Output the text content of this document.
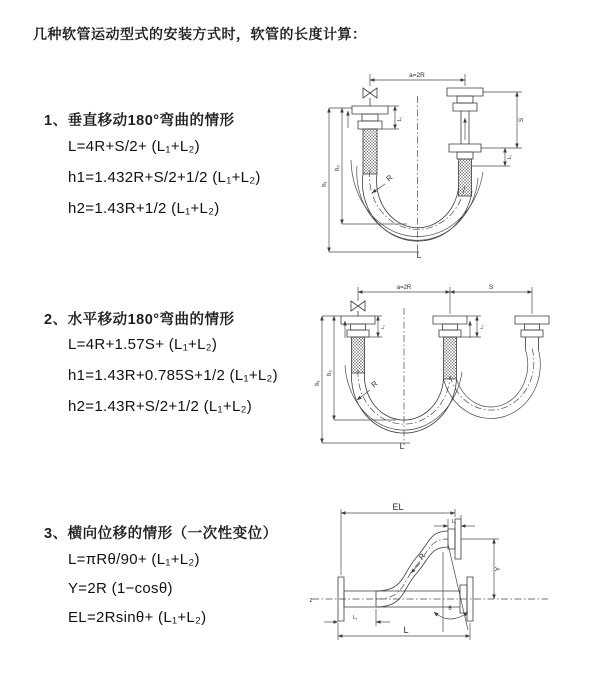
几种软管运动型式的安装方式时，软管的长度计算：
1、垂直移动180°弯曲的情形
L=4R+S/2+ (L₁+L₂)
h1=1.432R+S/2+1/2 (L₁+L₂)
h2=1.43R+1/2 (L₁+L₂)
2、水平移动180°弯曲的情形
L=4R+1.57S+ (L₁+L₂)
h1=1.43R+0.785S+1/2 (L₁+L₂)
h2=1.43R+S/2+1/2 (L₁+L₂)
3、横向位移的情形（一次性变位）
L=πRθ/90+ (L₁+L₂)
Y=2R (1−cosθ)
EL=2Rsinθ+ (L₁+L₂)
a=2R
h₁
h₂
L₁	S
L₁
R
L
a=2R	S
h₁
h₂
L₁	L₁
R
L
z
EL
L₁
Y
L₁
L
R
θ
